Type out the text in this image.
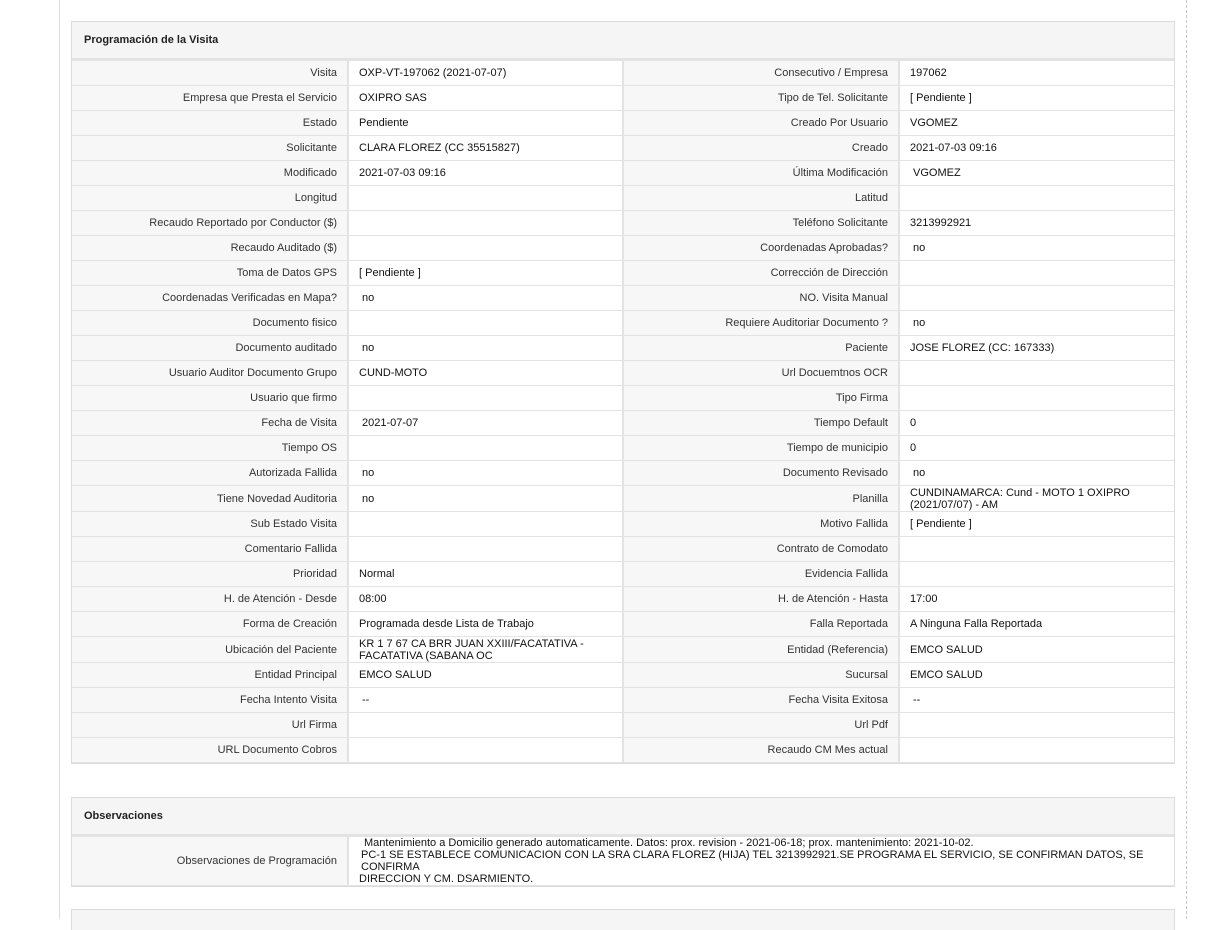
Programación de la Visita
Visita	OXP-VT-197062 (2021-07-07)	Consecutivo / Empresa	197062
Empresa que Presta el Servicio	OXIPRO SAS	Tipo de Tel. Solicitante	[ Pendiente ]
Estado	Pendiente	Creado Por Usuario	VGOMEZ
Solicitante	CLARA FLOREZ (CC 35515827)	Creado	2021-07-03 09:16
Modificado	2021-07-03 09:16	Última Modificación	VGOMEZ
Longitud		Latitud	
Recaudo Reportado por Conductor ($)		Teléfono Solicitante	3213992921
Recaudo Auditado ($)		Coordenadas Aprobadas?	no
Toma de Datos GPS	[ Pendiente ]	Corrección de Dirección	
Coordenadas Verificadas en Mapa?	no	NO. Visita Manual	
Documento fisico		Requiere Auditoriar Documento ?	no
Documento auditado	no	Paciente	JOSE FLOREZ (CC: 167333)
Usuario Auditor Documento Grupo	CUND-MOTO	Url Docuemtnos OCR	
Usuario que firmo		Tipo Firma	
Fecha de Visita	2021-07-07	Tiempo Default	0
Tiempo OS		Tiempo de municipio	0
Autorizada Fallida	no	Documento Revisado	no
Tiene Novedad Auditoria	no	Planilla	CUNDINAMARCA: Cund - MOTO 1 OXIPRO
(2021/07/07) - AM

Sub Estado Visita		Motivo Fallida	[ Pendiente ]
Comentario Fallida		Contrato de Comodato	
Prioridad	Normal	Evidencia Fallida	
H. de Atención - Desde	08:00	H. de Atención - Hasta	17:00
Forma de Creación	Programada desde Lista de Trabajo	Falla Reportada	A Ninguna Falla Reportada
Ubicación del Paciente	KR 1 7 67 CA BRR JUAN XXIII/FACATATIVA -
FACATATIVA (SABANA OC	Entidad (Referencia)	EMCO SALUD
Entidad Principal	EMCO SALUD	Sucursal	EMCO SALUD
Fecha Intento Visita	--	Fecha Visita Exitosa	--
Url Firma		Url Pdf	
URL Documento Cobros		Recaudo CM Mes actual	
Observaciones
Observaciones de Programación	
Mantenimiento a Domicilio generado automaticamente. Datos: prox. revision - 2021-06-18; prox. mantenimiento: 2021-10-02.
PC-1 SE ESTABLECE COMUNICACION CON LA SRA CLARA FLOREZ (HIJA) TEL 3213992921.SE PROGRAMA EL SERVICIO, SE CONFIRMAN DATOS, SE CONFIRMA
DIRECCION Y CM. DSARMIENTO.
